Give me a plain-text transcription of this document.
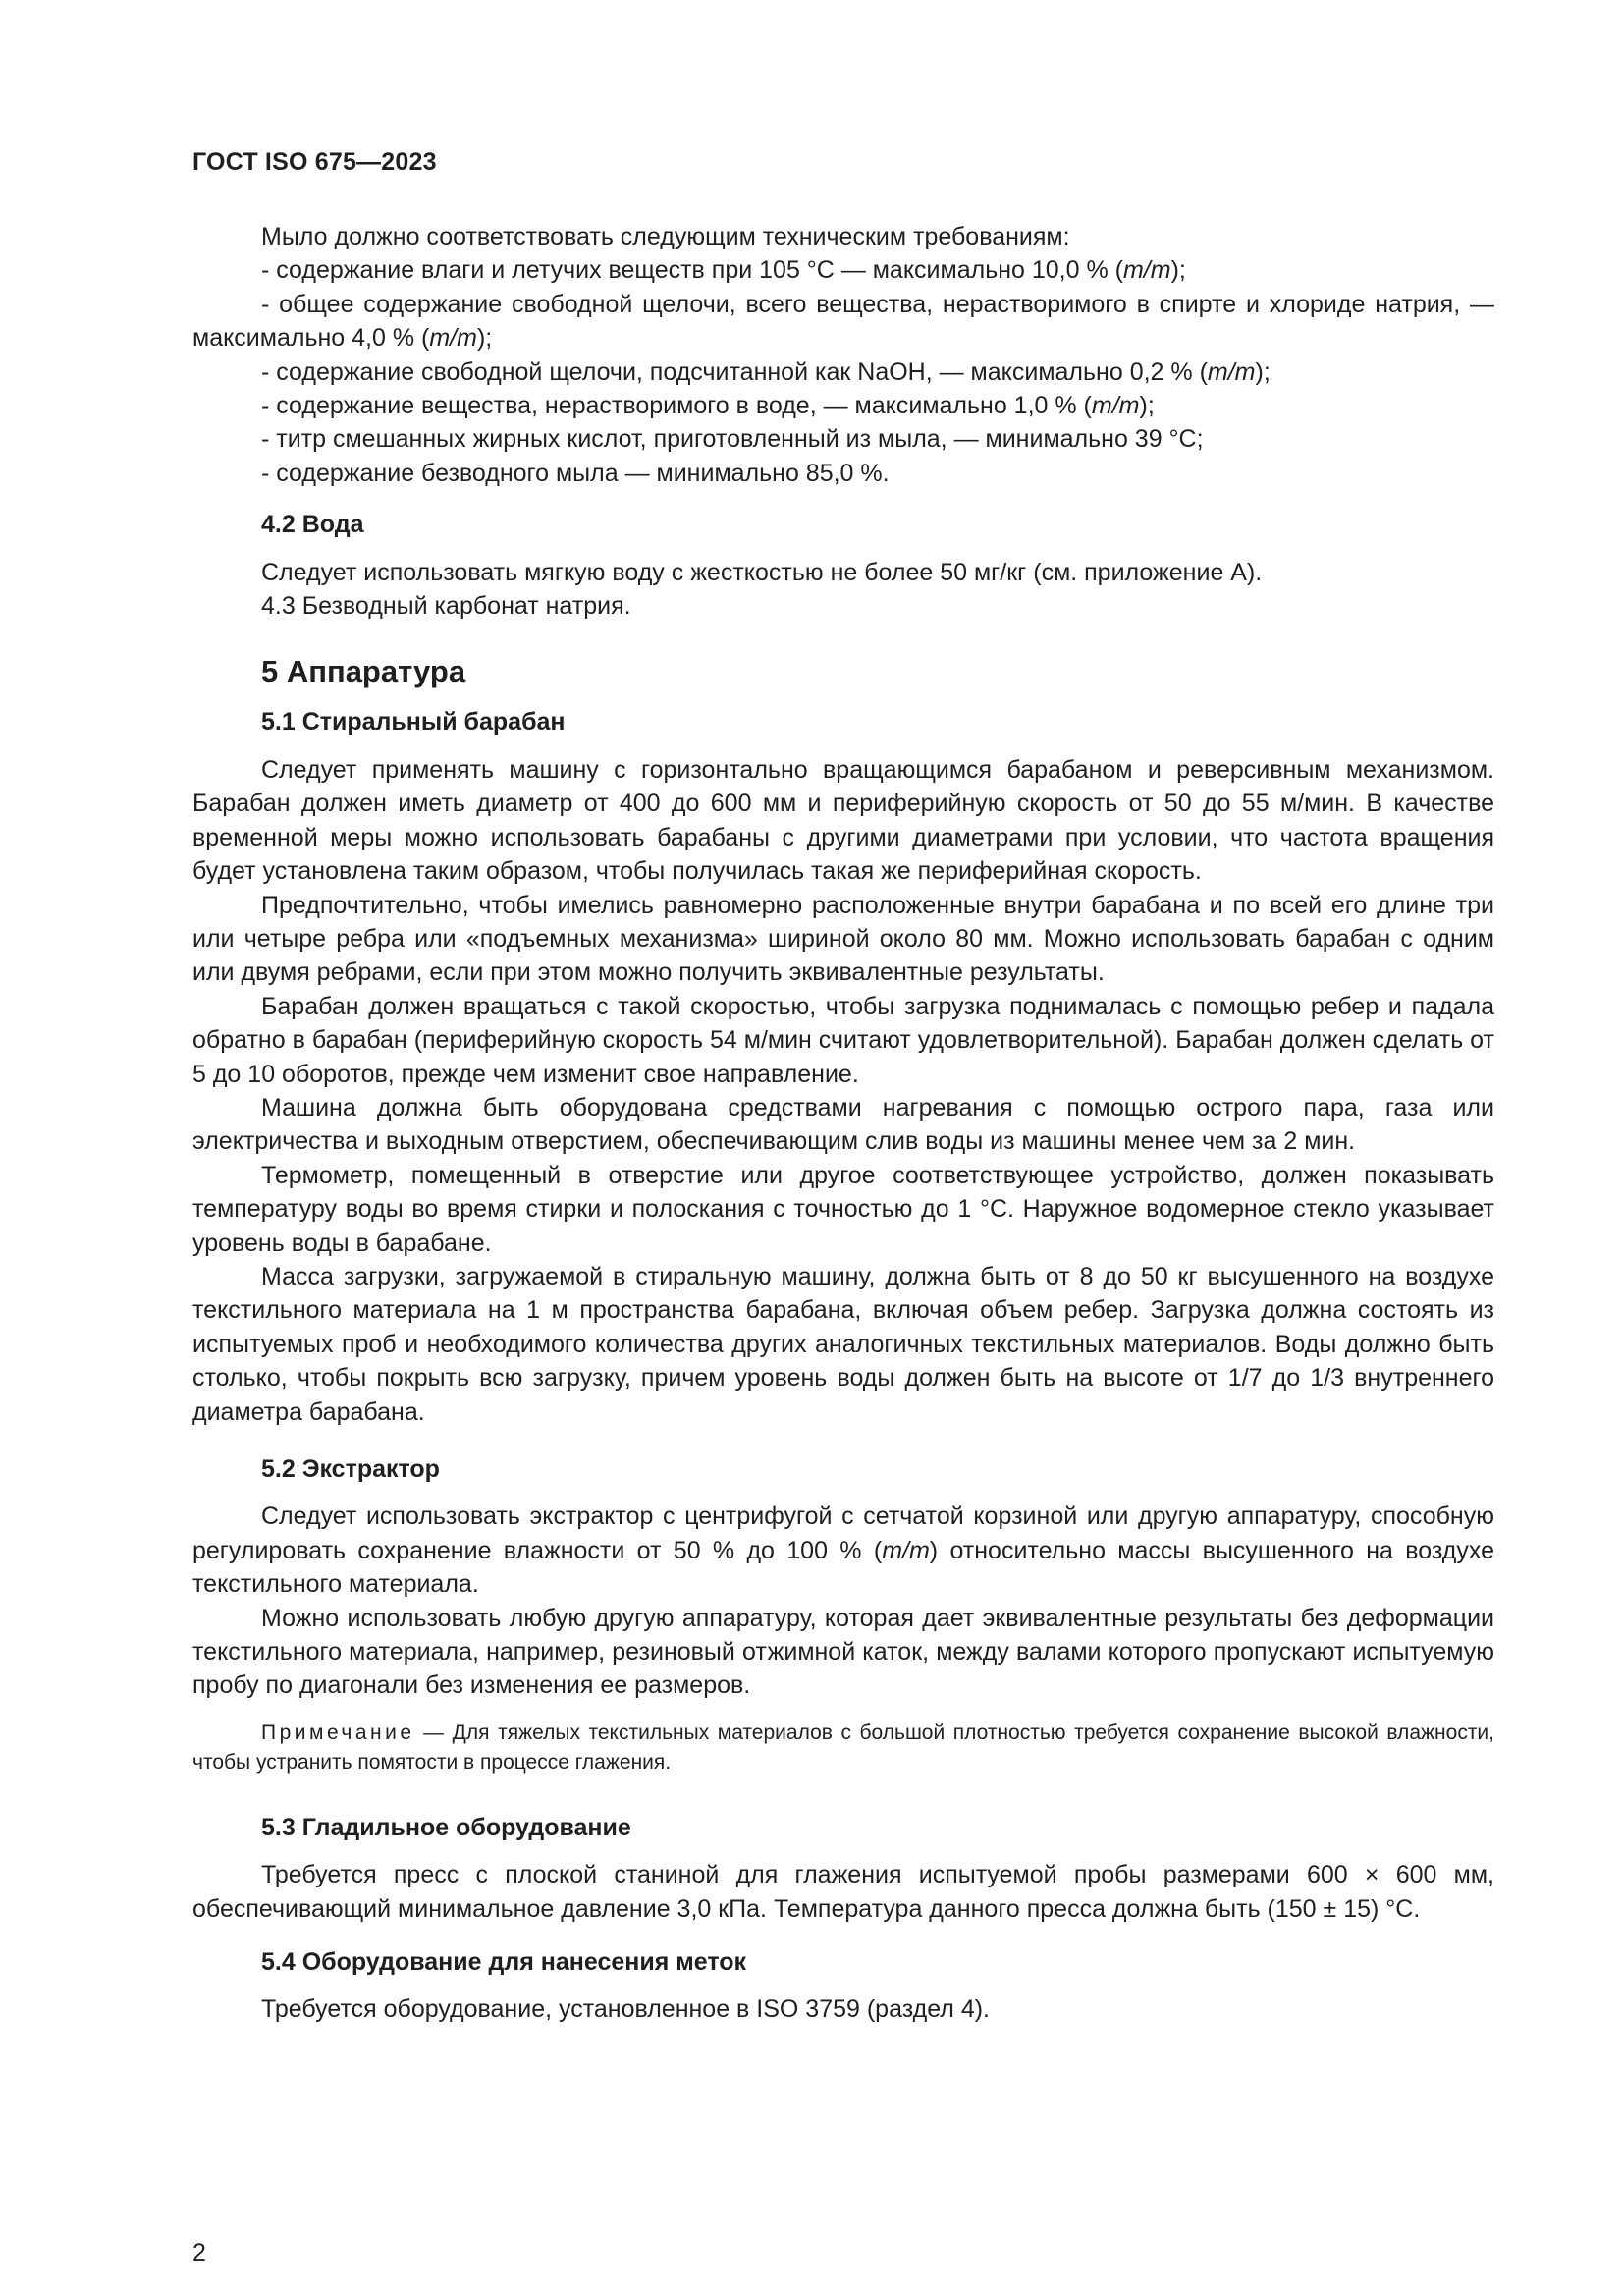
ГОСТ ISO 675—2023

Мыло должно соответствовать следующим техническим требованиям:

- содержание влаги и летучих веществ при 105 °C — максимально 10,0 % (m/m);

- общее содержание свободной щелочи, всего вещества, нерастворимого в спирте и хлориде натрия, — максимально 4,0 % (m/m);

- содержание свободной щелочи, подсчитанной как NaOH, — максимально 0,2 % (m/m);

- содержание вещества, нерастворимого в воде, — максимально 1,0 % (m/m);

- титр смешанных жирных кислот, приготовленный из мыла, — минимально 39 °C;

- содержание безводного мыла — минимально 85,0 %.

4.2 Вода

Следует использовать мягкую воду с жесткостью не более 50 мг/кг (см. приложение А).

4.3 Безводный карбонат натрия.

5 Аппаратура
5.1 Стиральный барабан

Следует применять машину с горизонтально вращающимся барабаном и реверсивным механизмом. Барабан должен иметь диаметр от 400 до 600 мм и периферийную скорость от 50 до 55 м/мин. В качестве временной меры можно использовать барабаны с другими диаметрами при условии, что частота вращения будет установлена таким образом, чтобы получилась такая же периферийная скорость.

Предпочтительно, чтобы имелись равномерно расположенные внутри барабана и по всей его длине три или четыре ребра или «подъемных механизма» шириной около 80 мм. Можно использовать барабан с одним или двумя ребрами, если при этом можно получить эквивалентные результаты.

Барабан должен вращаться с такой скоростью, чтобы загрузка поднималась с помощью ребер и падала обратно в барабан (периферийную скорость 54 м/мин считают удовлетворительной). Барабан должен сделать от 5 до 10 оборотов, прежде чем изменит свое направление.

Машина должна быть оборудована средствами нагревания с помощью острого пара, газа или электричества и выходным отверстием, обеспечивающим слив воды из машины менее чем за 2 мин.

Термометр, помещенный в отверстие или другое соответствующее устройство, должен показывать температуру воды во время стирки и полоскания с точностью до 1 °C. Наружное водомерное стекло указывает уровень воды в барабане.

Масса загрузки, загружаемой в стиральную машину, должна быть от 8 до 50 кг высушенного на воздухе текстильного материала на 1 м пространства барабана, включая объем ребер. Загрузка должна состоять из испытуемых проб и необходимого количества других аналогичных текстильных материалов. Воды должно быть столько, чтобы покрыть всю загрузку, причем уровень воды должен быть на высоте от 1/7 до 1/3 внутреннего диаметра барабана.

5.2 Экстрактор

Следует использовать экстрактор с центрифугой с сетчатой корзиной или другую аппаратуру, способную регулировать сохранение влажности от 50 % до 100 % (m/m) относительно массы высушенного на воздухе текстильного материала.

Можно использовать любую другую аппаратуру, которая дает эквивалентные результаты без деформации текстильного материала, например, резиновый отжимной каток, между валами которого пропускают испытуемую пробу по диагонали без изменения ее размеров.

Примечание — Для тяжелых текстильных материалов с большой плотностью требуется сохранение высокой влажности, чтобы устранить помятости в процессе глажения.

5.3 Гладильное оборудование

Требуется пресс с плоской станиной для глажения испытуемой пробы размерами 600 × 600 мм, обеспечивающий минимальное давление 3,0 кПа. Температура данного пресса должна быть (150 ± 15) °C.

5.4 Оборудование для нанесения меток

Требуется оборудование, установленное в ISO 3759 (раздел 4).

2
